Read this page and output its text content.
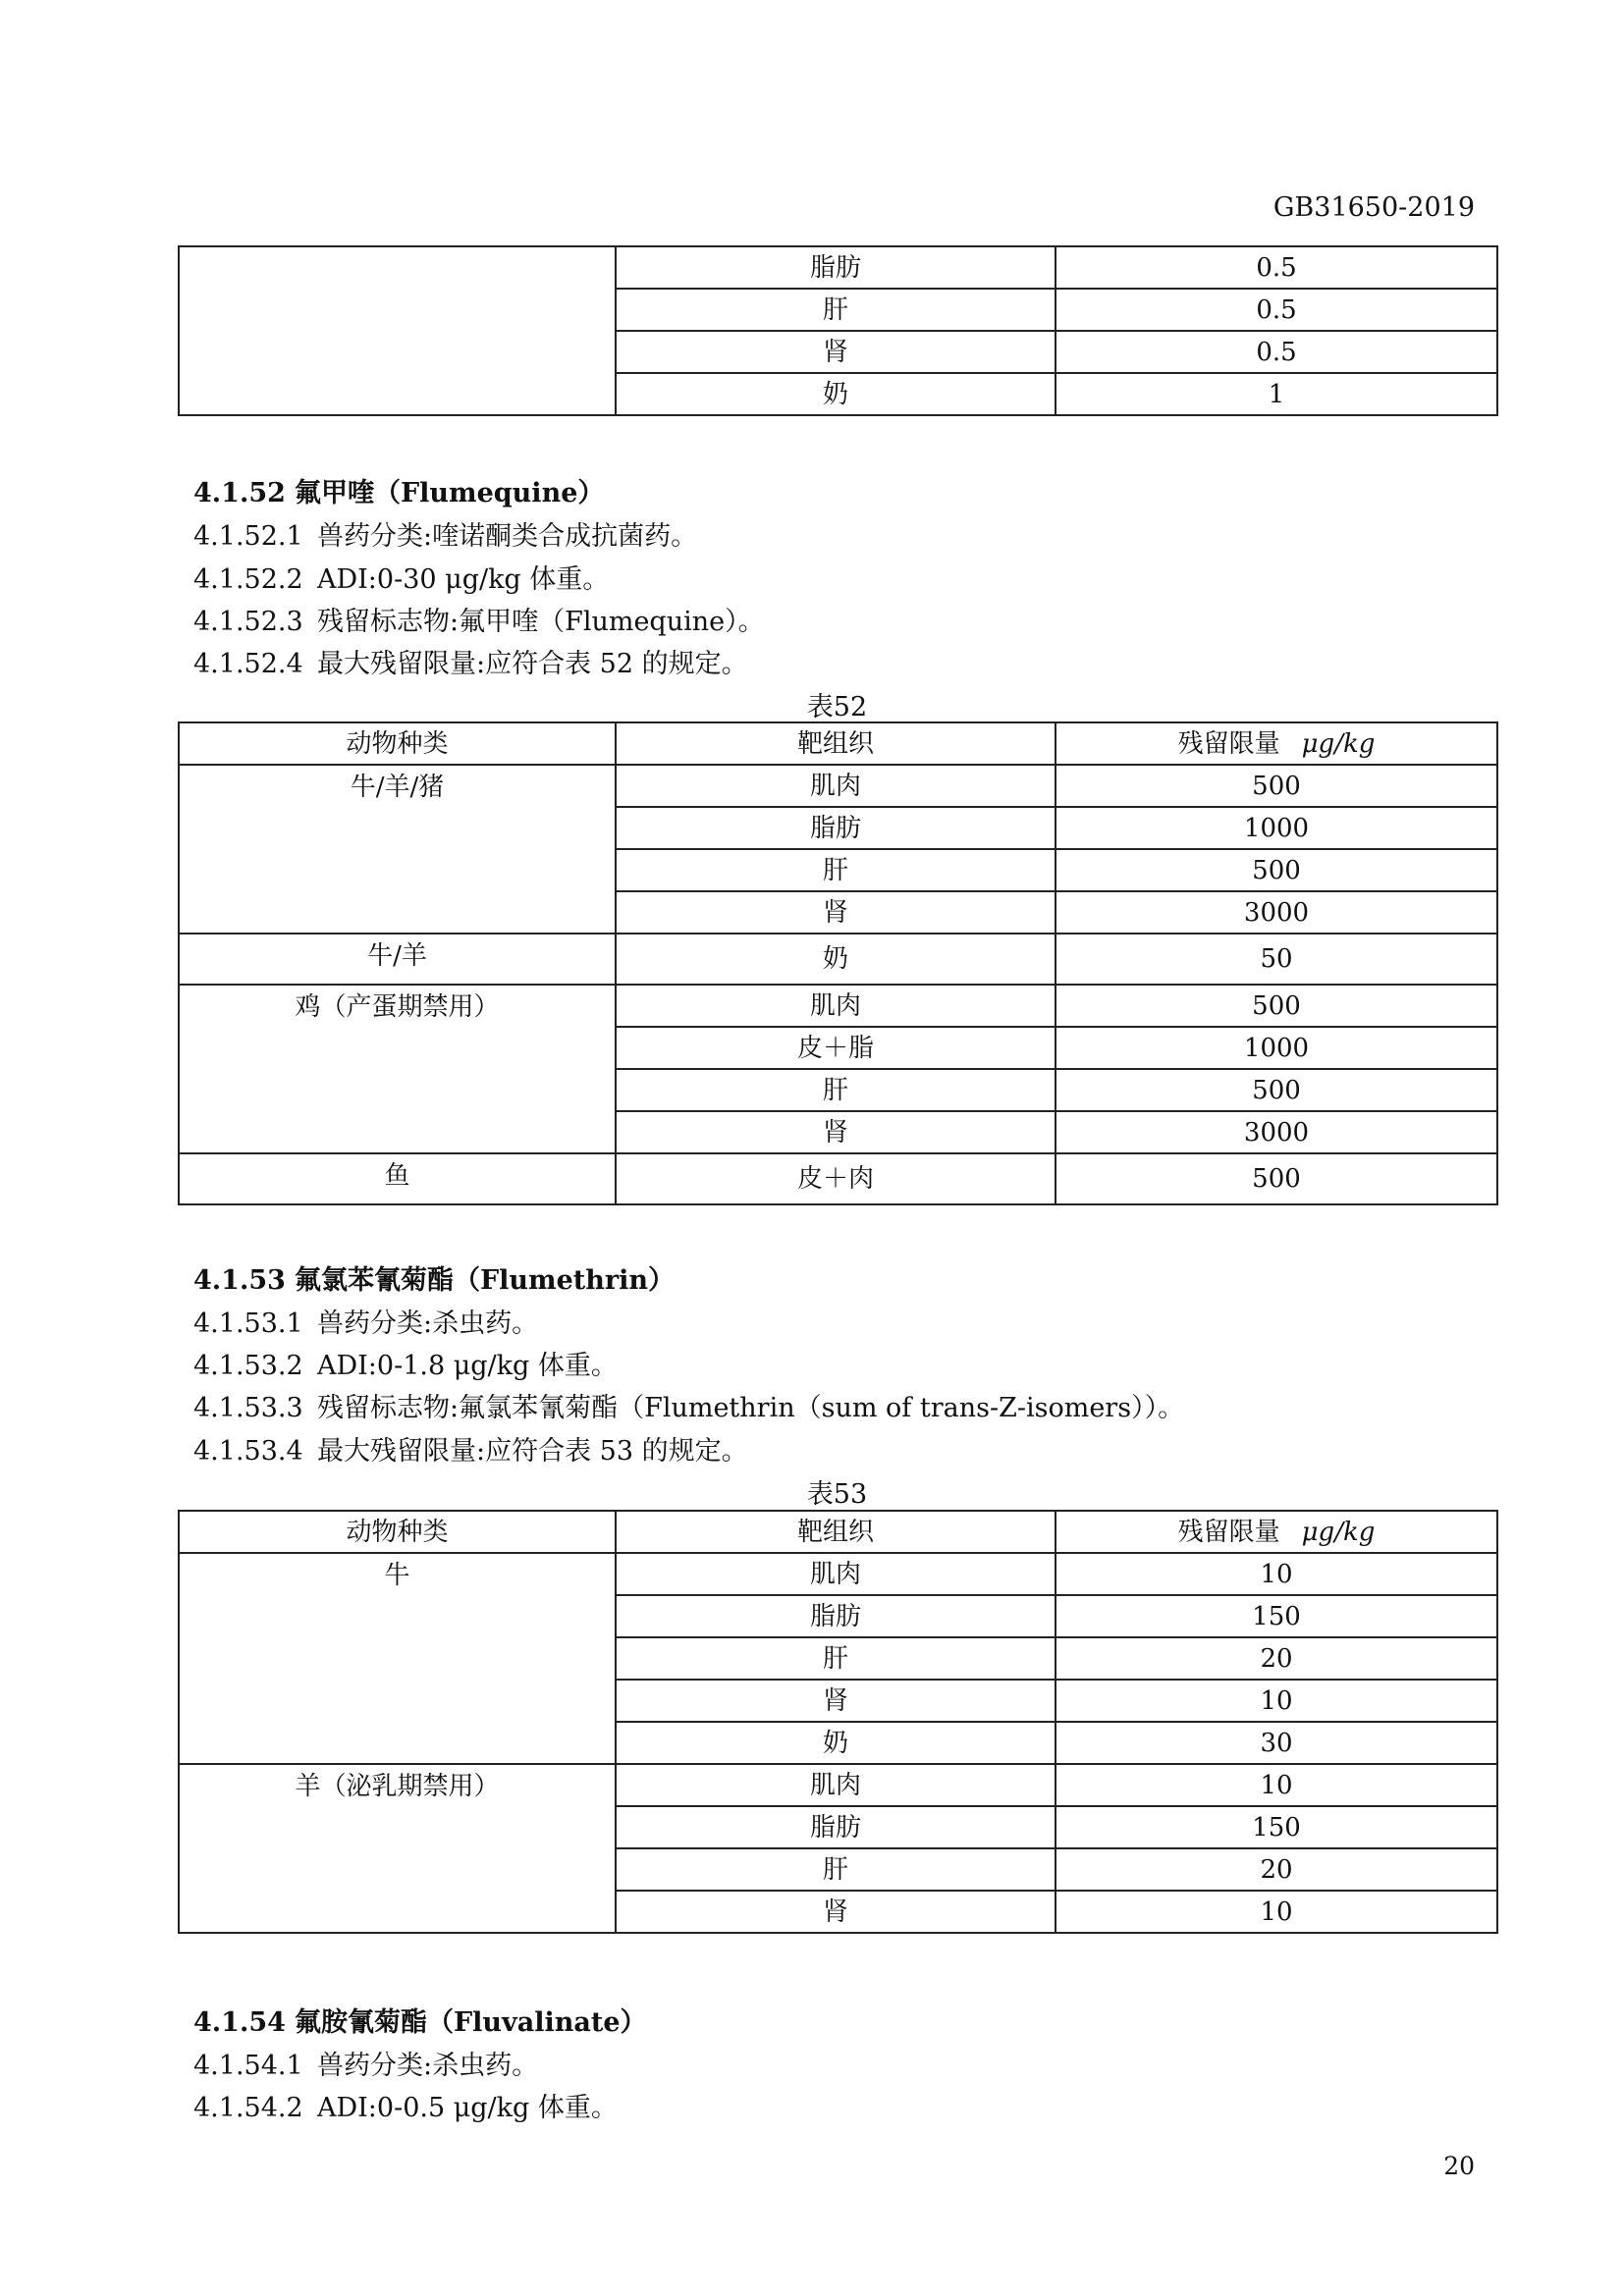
GB31650-2019
20
	脂肪	0.5
	肝	0.5
	肾	0.5
	奶	1
4.1.52 氟甲喹（Flumequine）
4.1.52.1 兽药分类:喹诺酮类合成抗菌药。
4.1.52.2 ADI:0-30 μg/kg 体重。
4.1.52.3 残留标志物:氟甲喹（Flumequine）。
4.1.52.4 最大残留限量:应符合表 52 的规定。
表52
动物种类	靶组织	残留限量 μg/kg
牛/羊/猪	肌肉	500
	脂肪	1000
	肝	500
	肾	3000
牛/羊	奶	50
鸡（产蛋期禁用）	肌肉	500
	皮＋脂	1000
	肝	500
	肾	3000
鱼	皮＋肉	500
4.1.53 氟氯苯氰菊酯（Flumethrin）
4.1.53.1 兽药分类:杀虫药。
4.1.53.2 ADI:0-1.8 μg/kg 体重。
4.1.53.3 残留标志物:氟氯苯氰菊酯（Flumethrin（sum of trans-Z-isomers））。
4.1.53.4 最大残留限量:应符合表 53 的规定。
表53
动物种类	靶组织	残留限量 μg/kg
牛	肌肉	10
	脂肪	150
	肝	20
	肾	10
	奶	30
羊（泌乳期禁用）	肌肉	10
	脂肪	150
	肝	20
	肾	10
4.1.54 氟胺氰菊酯（Fluvalinate）
4.1.54.1 兽药分类:杀虫药。
4.1.54.2 ADI:0-0.5 μg/kg 体重。
